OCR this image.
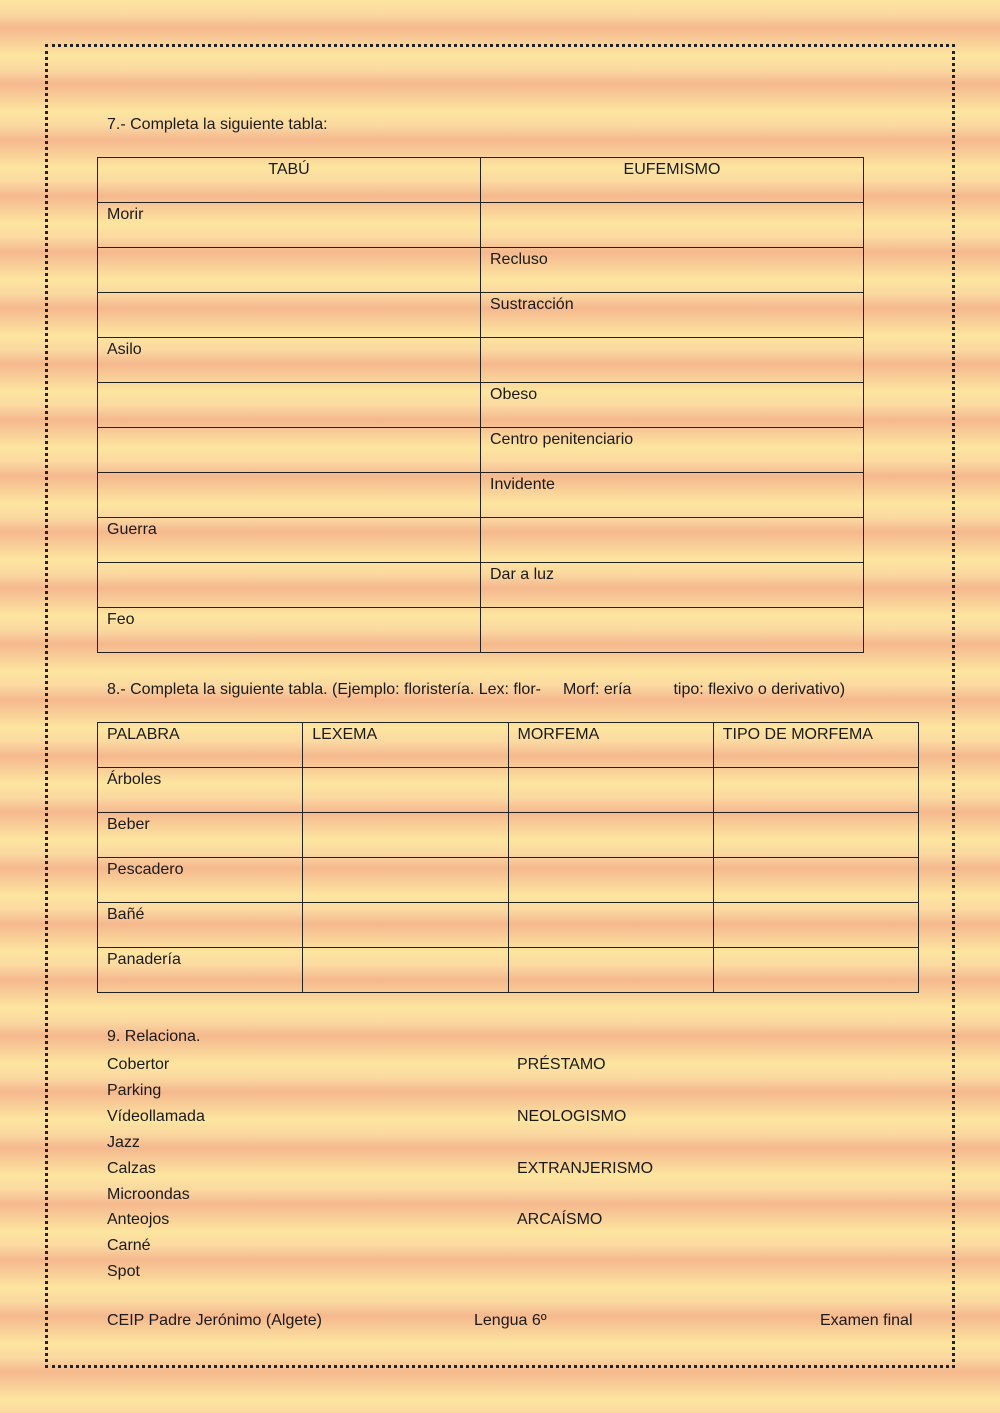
7.- Completa la siguiente tabla:
TABÚ	EUFEMISMO
Morir	
	Recluso
	Sustracción
Asilo	
	Obeso
	Centro penitenciario
	Invidente
Guerra	
	Dar a luz
Feo	
8.- Completa la siguiente tabla. (Ejemplo: floristería. Lex: flor- Morf: ería	tipo: flexivo o derivativo)
PALABRA	LEXEMA	MORFEMA	TIPO DE MORFEMA
Árboles			
Beber			
Pescadero			
Bañé			
Panadería			
9. Relaciona.
Cobertor
Parking
Vídeollamada
Jazz
Calzas
Microondas
Anteojos
Carné
Spot
PRÉSTAMO
NEOLOGISMO
EXTRANJERISMO
ARCAÍSMO
CEIP Padre Jerónimo (Algete)	Lengua 6º	Examen final
